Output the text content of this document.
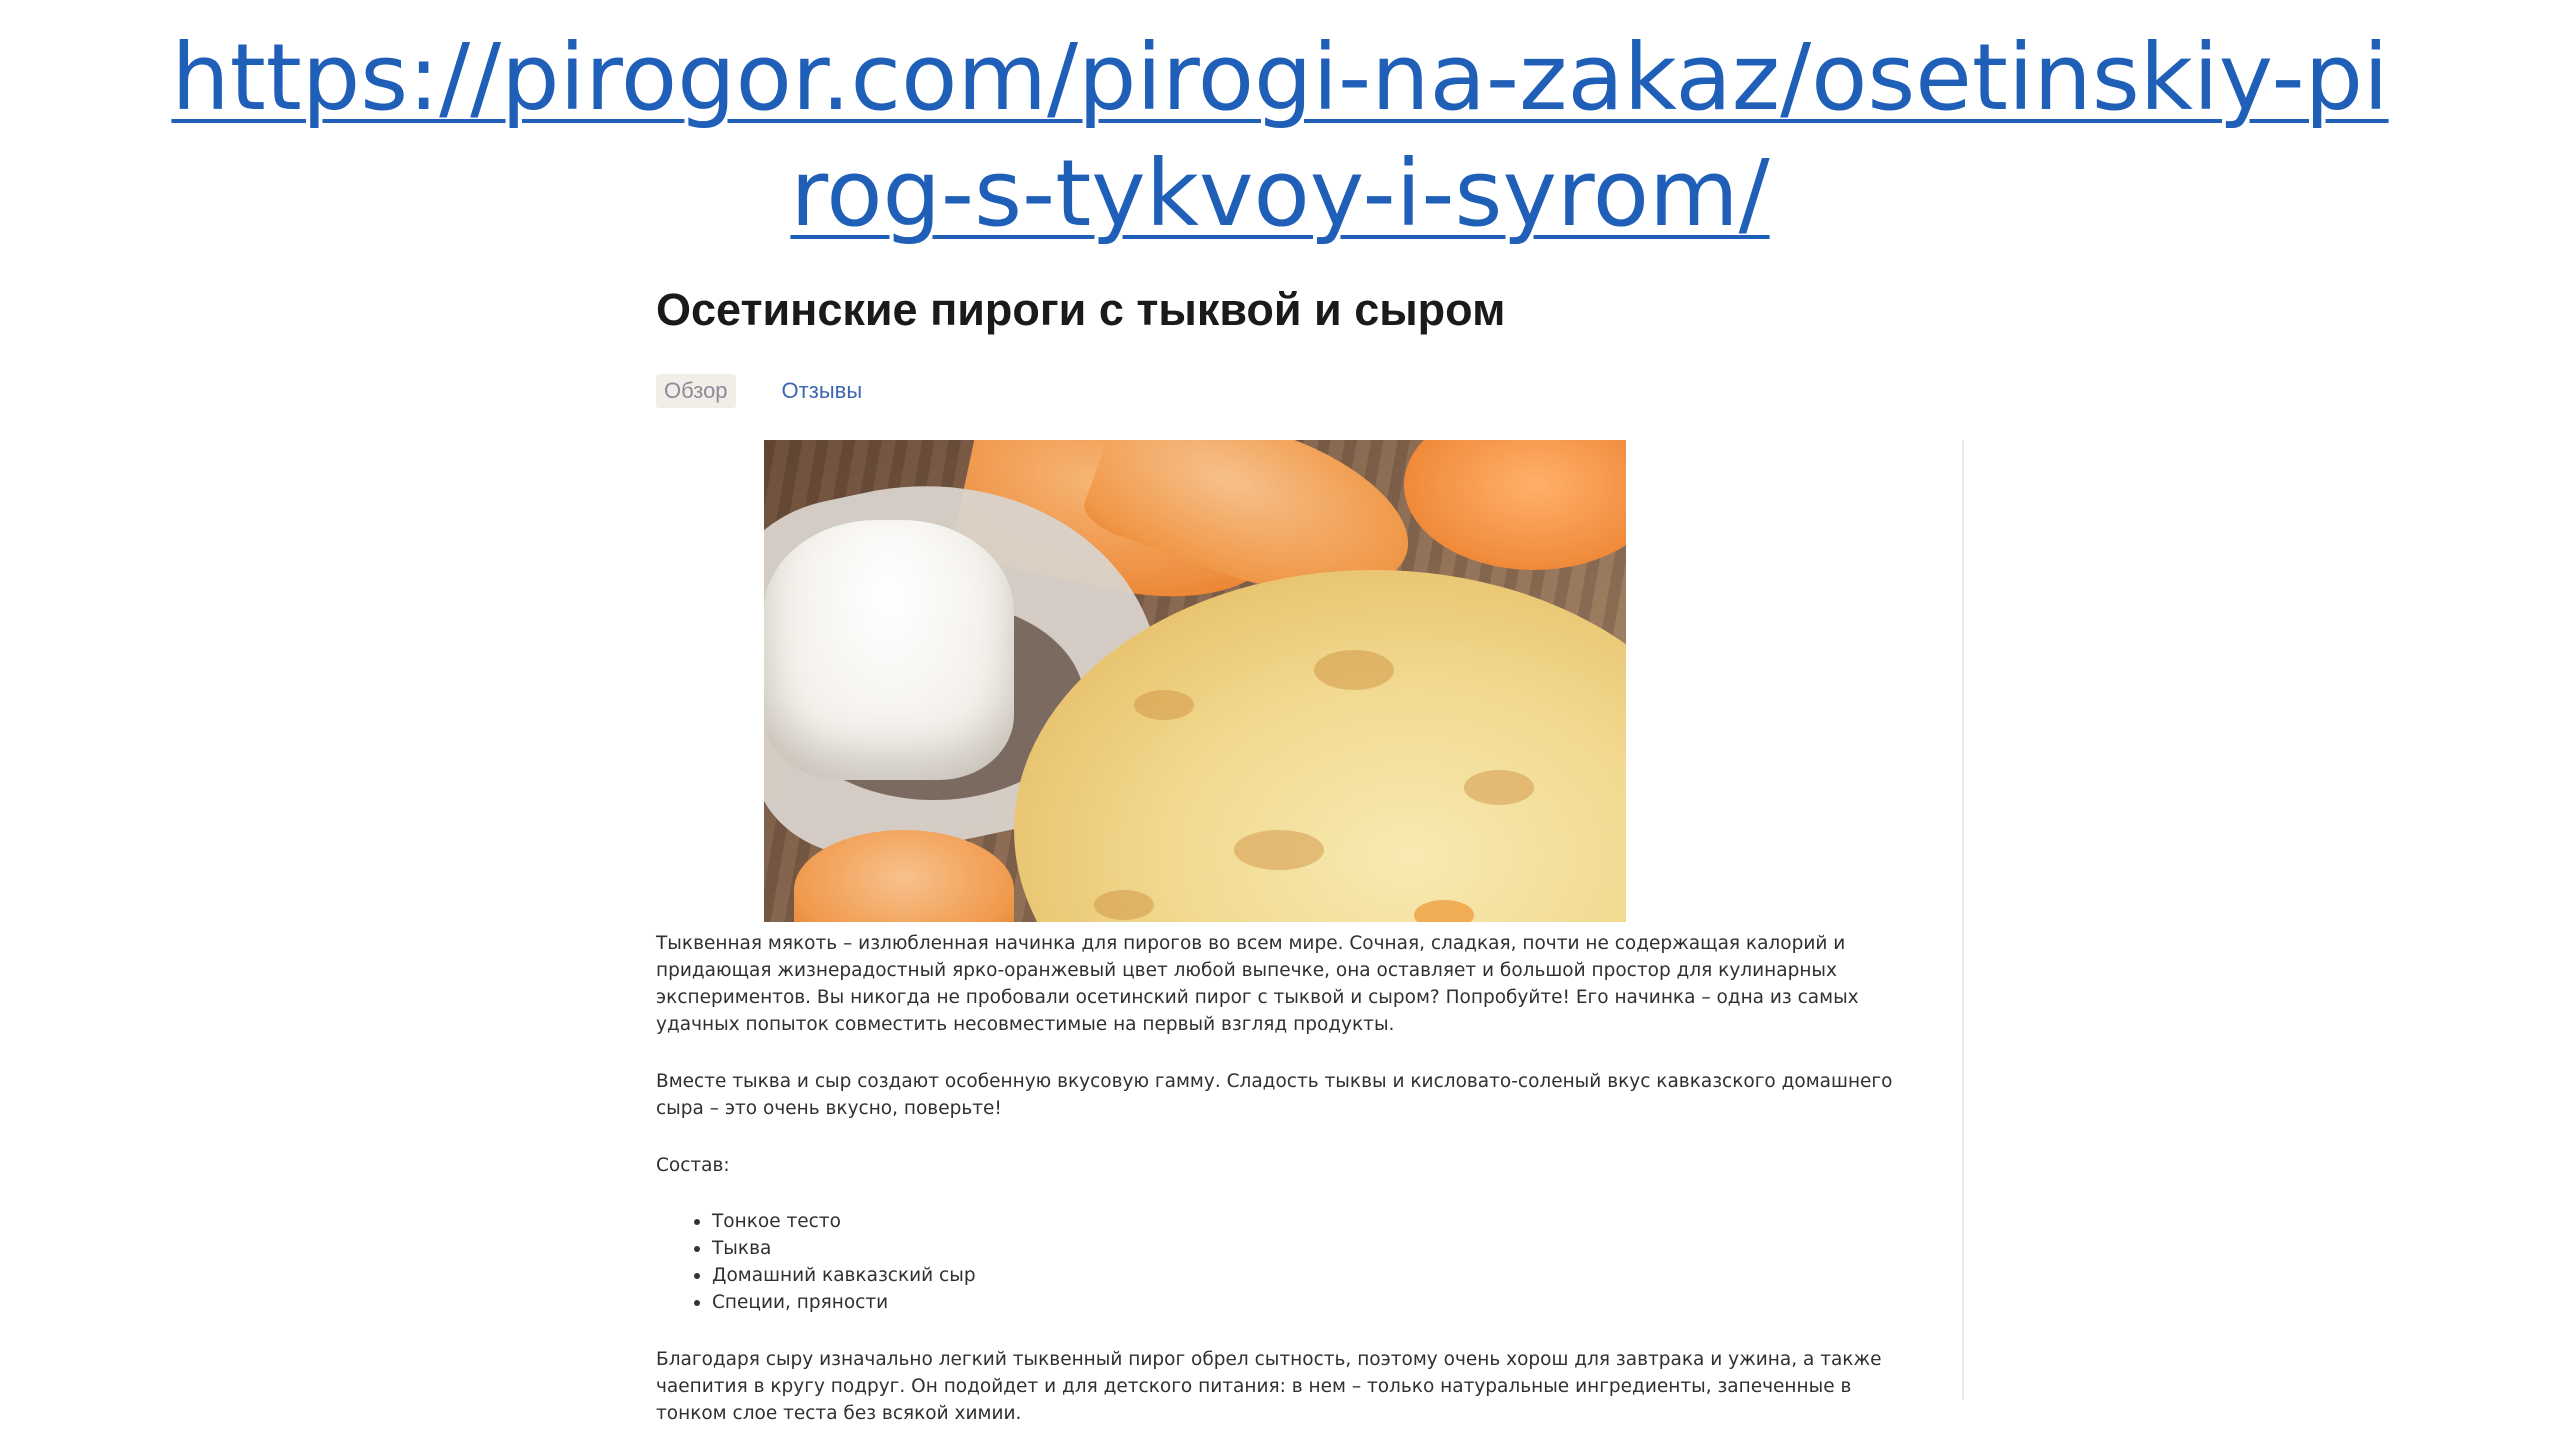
https://pirogor.com/pirogi-na-zakaz/osetinskiy-pirog-s-tykvoy-i-syrom/
Осетинские пироги с тыквой и сыром
Обзор	Отзывы

Тыквенная мякоть – излюбленная начинка для пирогов во всем мире. Сочная, сладкая, почти не содержащая калорий и придающая жизнерадостный ярко-оранжевый цвет любой выпечке, она оставляет и большой простор для кулинарных экспериментов. Вы никогда не пробовали осетинский пирог с тыквой и сыром? Попробуйте! Его начинка – одна из самых удачных попыток совместить несовместимые на первый взгляд продукты.

Вместе тыква и сыр создают особенную вкусовую гамму. Сладость тыквы и кисловато-соленый вкус кавказского домашнего сыра – это очень вкусно, поверьте!

Состав:

Тонкое тесто
Тыква
Домашний кавказский сыр
Специи, пряности

Благодаря сыру изначально легкий тыквенный пирог обрел сытность, поэтому очень хорош для завтрака и ужина, а также чаепития в кругу подруг. Он подойдет и для детского питания: в нем – только натуральные ингредиенты, запеченные в тонком слое теста без всякой химии.
